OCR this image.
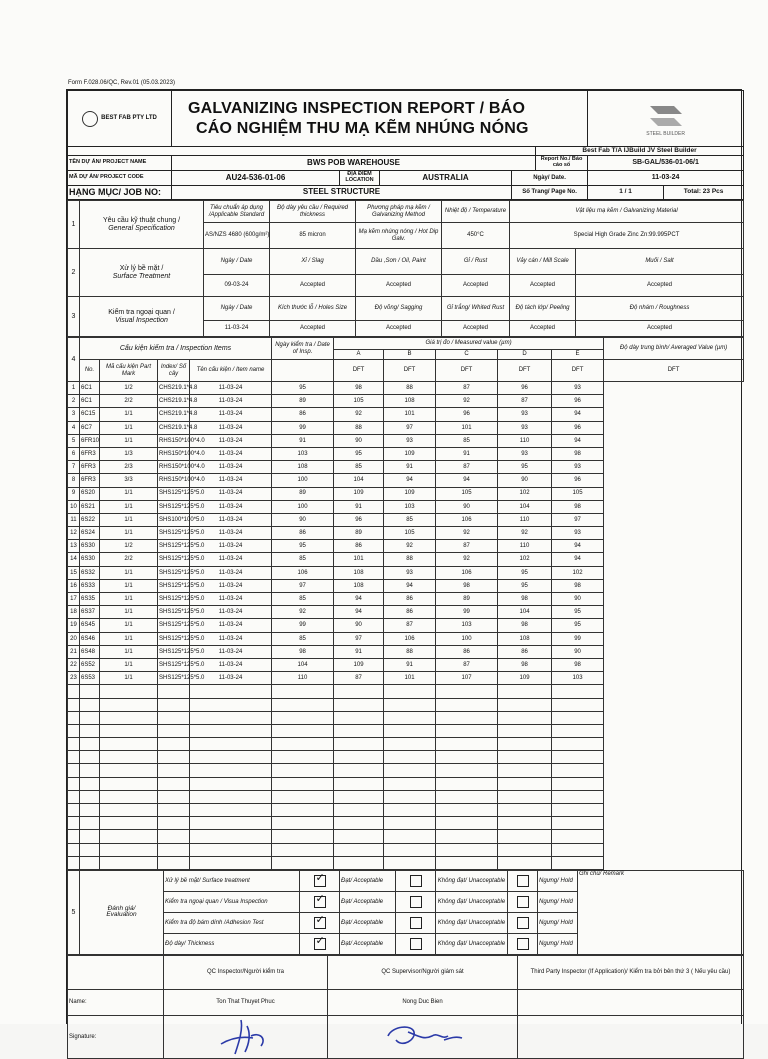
Form F.028.06/QC, Rev.01 (05.03.2023)
BEST FAB PTY LTD	GALVANIZING INSPECTION REPORT / BÁO
CÁO NGHIỆM THU MẠ KẼM NHÚNG NÓNG					STEEL BUILDER	

					Best Fab T/A IJBuild JV Steel Builder		
TÊN DỰ ÁN/ PROJECT NAME	BWS POB WAREHOUSE				Report No./ Báo cáo số	SB-GAL/536-01-06/1	
MÃ DỰ ÁN/ PROJECT CODE	AU24-536-01-06	ĐỊA ĐIỂM LOCATION	AUSTRALIA	Ngày/ Date.		11-03-24	
HẠNG MỤC/ JOB NO:	STEEL STRUCTURE			Số Trang/ Page No.		1 / 1	Total: 23 Pcs
1	Yêu cầu kỹ thuật chung /
General Specification	Tiêu chuẩn áp dụng /Applicable Standard	Độ dày yêu cầu / Required thickness	Phương pháp mạ kẽm / Galvanizing Method	Nhiệt độ / Temperature	Vật liệu mạ kẽm / Galvanizing Material	
		AS/NZS 4680 (600g/m²)	85 micron	Mạ kẽm nhúng nóng / Hot Dip Galv.	450°C	Special High Grade Zinc Zn:99.995PCT	
2	Xử lý bề mặt /
Surface Treatment	Ngày / Date	Xỉ / Slag	Dầu ,Sơn / Oil, Paint	Gỉ / Rust	Vảy cán / Mill Scale	Muối / Salt
		09-03-24	Accepted	Accepted	Accepted	Accepted	Accepted
3	Kiểm tra ngoại quan /
Visual Inspection	Ngày / Date	Kích thước lỗ / Holes Size	Độ võng/ Sagging	Gỉ trắng/ Whited Rust	Độ tách lớp/ Peeling	Độ nhám / Roughness
		11-03-24	Accepted	Accepted	Accepted	Accepted	Accepted
4	Cấu kiện kiểm tra / Inspection Items				Ngày kiểm tra / Date of Insp.	Giá trị đo / Measured value (µm)					Độ dày trung bình/ Averaged Value (µm)
						A	B	C	D	E	
	No.	Mã cấu kiện Part Mark	Index/ Số cây	Tên cấu kiện / Item name		DFT	DFT	DFT	DFT	DFT	DFT
1	6C1	1/2	CHS219.1*4.8	11-03-24	95	98	88	87	96	93	
2	6C1	2/2	CHS219.1*4.8	11-03-24	89	105	108	92	87	96	
3	6C15	1/1	CHS219.1*4.8	11-03-24	86	92	101	96	93	94	
4	6C7	1/1	CHS219.1*4.8	11-03-24	99	88	97	101	93	96	
5	6FR10	1/1	RHS150*100*4.0	11-03-24	91	90	93	85	110	94	
6	6FR3	1/3	RHS150*100*4.0	11-03-24	103	95	109	91	93	98	
7	6FR3	2/3	RHS150*100*4.0	11-03-24	108	85	91	87	95	93	
8	6FR3	3/3	RHS150*100*4.0	11-03-24	100	104	94	94	90	96	
9	6S20	1/1	SHS125*125*5.0	11-03-24	89	109	109	105	102	105	
10	6S21	1/1	SHS125*125*5.0	11-03-24	100	91	103	90	104	98	
11	6S22	1/1	SHS100*100*5.0	11-03-24	90	96	85	106	110	97	
12	6S24	1/1	SHS125*125*5.0	11-03-24	86	89	105	92	92	93	
13	6S30	1/2	SHS125*125*5.0	11-03-24	95	86	92	87	110	94	
14	6S30	2/2	SHS125*125*5.0	11-03-24	85	101	88	92	102	94	
15	6S32	1/1	SHS125*125*5.0	11-03-24	106	108	93	106	95	102	
16	6S33	1/1	SHS125*125*5.0	11-03-24	97	108	94	98	95	98	
17	6S35	1/1	SHS125*125*5.0	11-03-24	85	94	86	89	98	90	
18	6S37	1/1	SHS125*125*5.0	11-03-24	92	94	86	99	104	95	
19	6S45	1/1	SHS125*125*5.0	11-03-24	99	90	87	103	98	95	
20	6S46	1/1	SHS125*125*5.0	11-03-24	85	97	106	100	108	99	
21	6S48	1/1	SHS125*125*5.0	11-03-24	98	91	88	86	86	90	
22	6S52	1/1	SHS125*125*5.0	11-03-24	104	109	91	87	98	98	
23	6S53	1/1	SHS125*125*5.0	11-03-24	110	87	101	107	109	103	

5	Đánh giá/
Evaluation	Xử lý bề mặt/ Surface treatment	✓	Đạt/ Acceptable		Không đạt/ Unacceptable		Ngưng/ Hold	Ghi chú/ Remark
		Kiểm tra ngoại quan / Visua Inspection	✓	Đạt/ Acceptable		Không đạt/ Unacceptable		Ngưng/ Hold	
		Kiểm tra độ bám dính /Adhesion Test	✓	Đạt/ Acceptable		Không đạt/ Unacceptable		Ngưng/ Hold	
		Độ dày/ Thickness	✓	Đạt/ Acceptable		Không đạt/ Unacceptable		Ngưng/ Hold	
	QC Inspector/Người kiểm tra	QC Supervisor/Người giám sát	Third Party Inspector (If Application)/ Kiểm tra bởi bên thứ 3 ( Nếu yêu cầu)
Name:	Ton That Thuyet Phuc	Nong Duc Bien	
Signature:			
